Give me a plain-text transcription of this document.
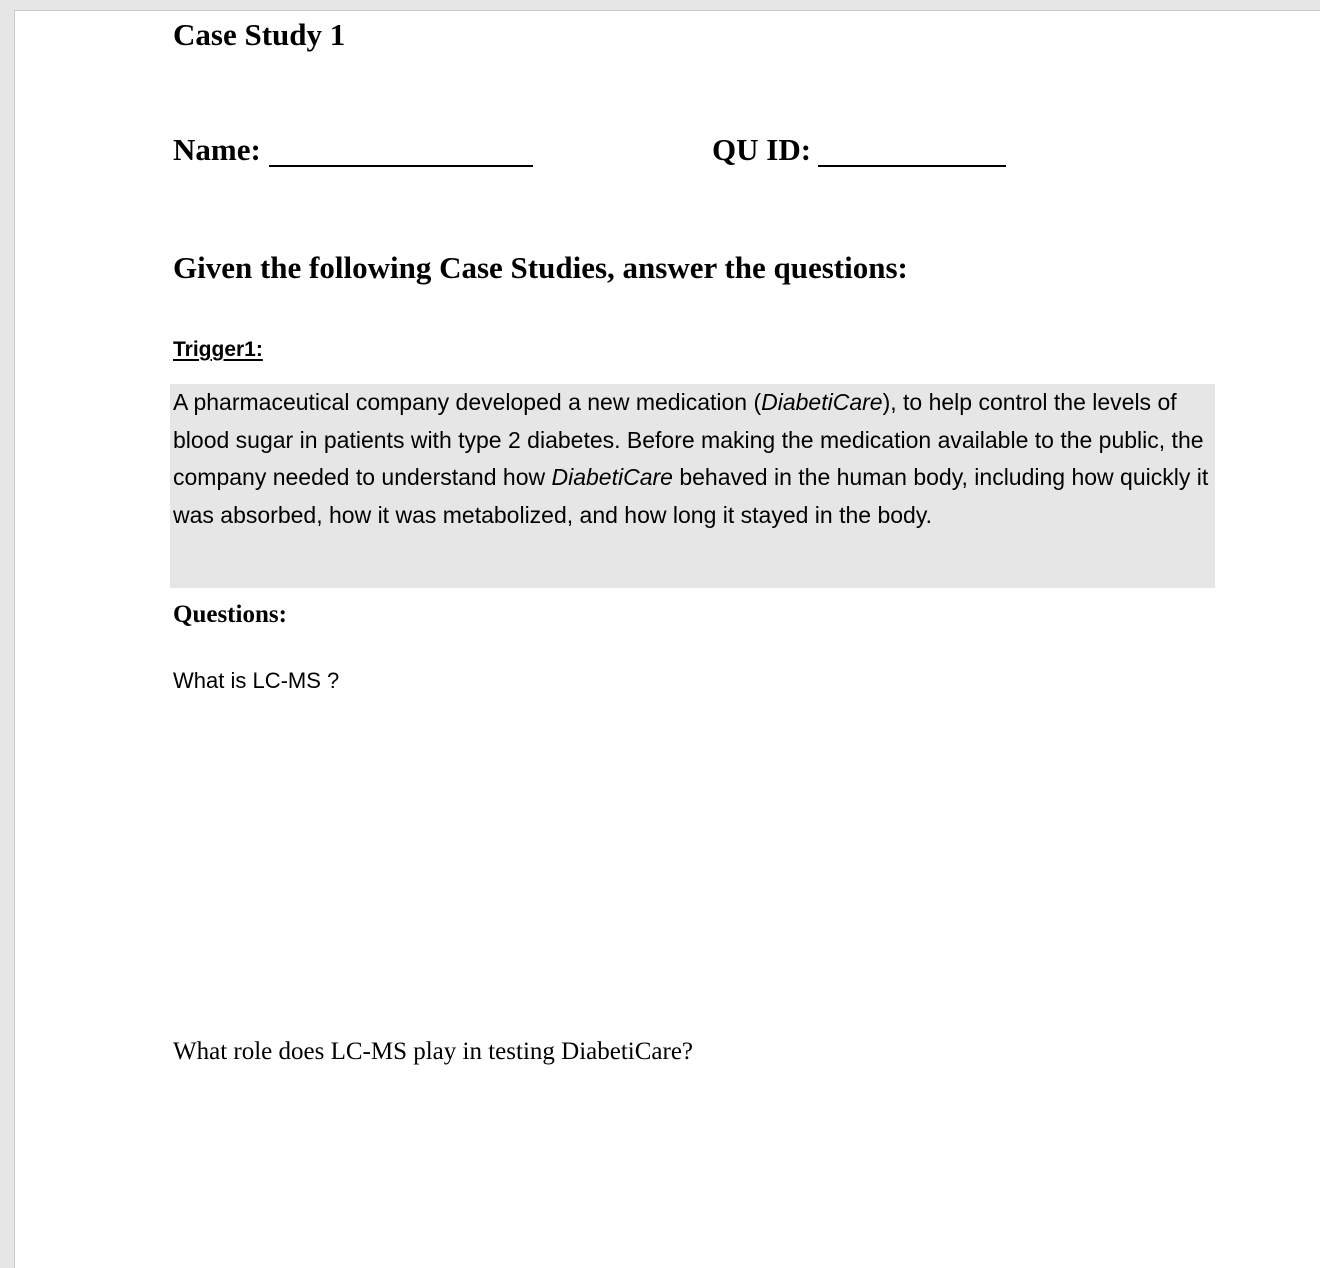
Case Study 1
Name:	QU ID:
Given the following Case Studies, answer the questions:
Trigger1:

A pharmaceutical company developed a new medication (DiabetiCare), to help control the levels of blood sugar in patients with type 2 diabetes. Before making the medication available to the public, the company needed to understand how DiabetiCare behaved in the human body, including how quickly it was absorbed, how it was metabolized, and how long it stayed in the body.

Questions:
What is LC-MS ?
What role does LC-MS play in testing DiabetiCare?
